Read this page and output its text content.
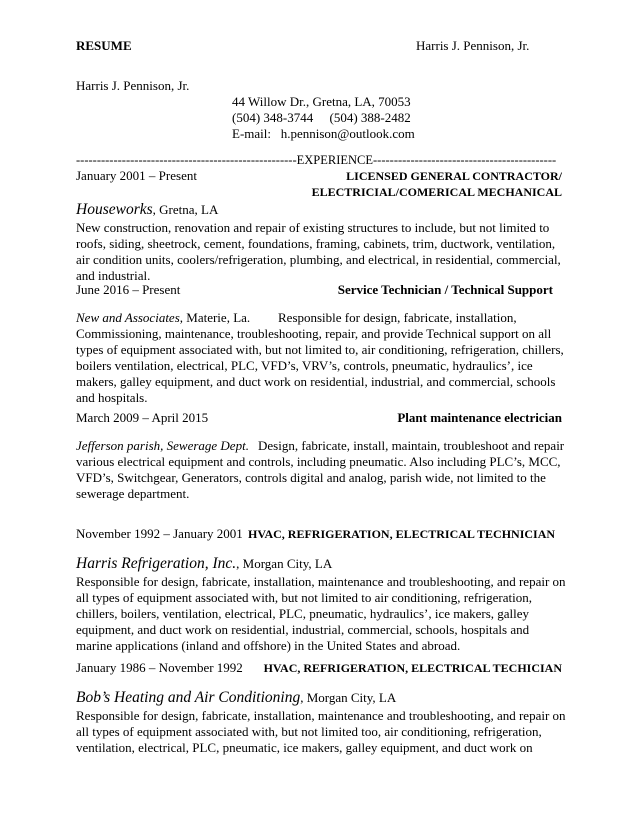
RESUME	Harris J. Pennison, Jr.
Harris J. Pennison, Jr.
44 Willow Dr., Gretna, LA, 70053
(504) 348-3744     (504) 388-2482
E-mail:   h.pennison@outlook.com
-----------------------------------------------------EXPERIENCE--------------------------------------------
January 2001 – Present	LICENSED GENERAL CONTRACTOR/
ELECTRICIAL/COMERICAL MECHANICAL
Houseworks, Gretna, LA
New construction, renovation and repair of existing structures to include, but not limited to roofs, siding, sheetrock, cement, foundations, framing, cabinets, trim, ductwork, ventilation, air condition units, coolers/refrigeration, plumbing, and electrical, in residential, commercial, and industrial.
June 2016 – Present	Service Technician / Technical Support
New and Associates, Materie, La. Responsible for design, fabricate, installation,
Commissioning, maintenance, troubleshooting, repair, and provide Technical support on all types of equipment associated with, but not limited to, air conditioning, refrigeration, chillers, boilers ventilation, electrical, PLC, VFD’s, VRV’s, controls, pneumatic, hydraulics’, ice makers, galley equipment, and duct work on residential, industrial, and commercial, schools and hospitals.
March 2009 – April 2015	Plant maintenance electrician
Jefferson parish, Sewerage Dept. Design, fabricate, install, maintain, troubleshoot and repair
various electrical equipment and controls, including pneumatic. Also including PLC’s, MCC, VFD’s, Switchgear, Generators, controls digital and analog, parish wide, not limited to the sewerage department.
November 1992 – January 2001 HVAC, REFRIGERATION, ELECTRICAL TECHNICIAN
Harris Refrigeration, Inc., Morgan City, LA
Responsible for design, fabricate, installation, maintenance and troubleshooting, and repair on all types of equipment associated with, but not limited to air conditioning, refrigeration, chillers, boilers, ventilation, electrical, PLC, pneumatic, hydraulics’, ice makers, galley equipment, and duct work on residential, industrial, commercial, schools, hospitals and marine applications (inland and offshore) in the United States and abroad.
January 1986 – November 1992 HVAC, REFRIGERATION, ELECTRICAL TECHICIAN
Bob’s Heating and Air Conditioning, Morgan City, LA
Responsible for design, fabricate, installation, maintenance and troubleshooting, and repair on all types of equipment associated with, but not limited too, air conditioning, refrigeration, ventilation, electrical, PLC, pneumatic, ice makers, galley equipment, and duct work on
